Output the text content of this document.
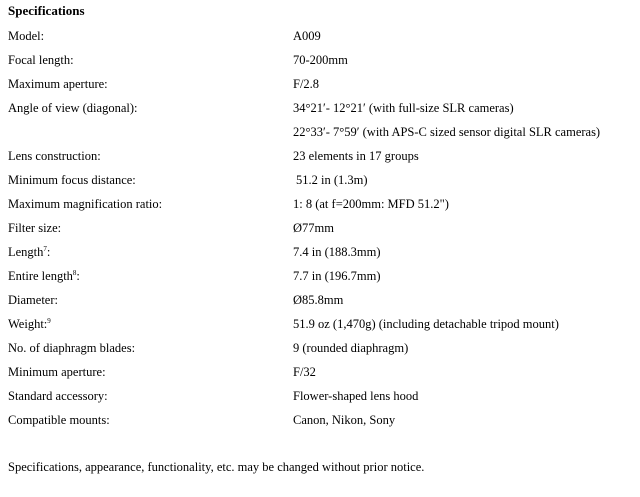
Specifications
Model:	A009
Focal length:	70-200mm
Maximum aperture:	F/2.8
Angle of view (diagonal):	34°21′- 12°21′ (with full-size SLR cameras)
22°33′- 7°59′ (with APS-C sized sensor digital SLR cameras)
Lens construction:	23 elements in 17 groups
Minimum focus distance:	51.2 in (1.3m)
Maximum magnification ratio:	1: 8 (at f=200mm: MFD 51.2")
Filter size:	Ø77mm
Length$^7$:	7.4 in (188.3mm)
Entire length$^8$:	7.7 in (196.7mm)
Diameter:	Ø85.8mm
Weight:$^9$	51.9 oz (1,470g) (including detachable tripod mount)
No. of diaphragm blades:	9 (rounded diaphragm)
Minimum aperture:	F/32
Standard accessory:	Flower-shaped lens hood
Compatible mounts:	Canon, Nikon, Sony
Specifications, appearance, functionality, etc. may be changed without prior notice.
